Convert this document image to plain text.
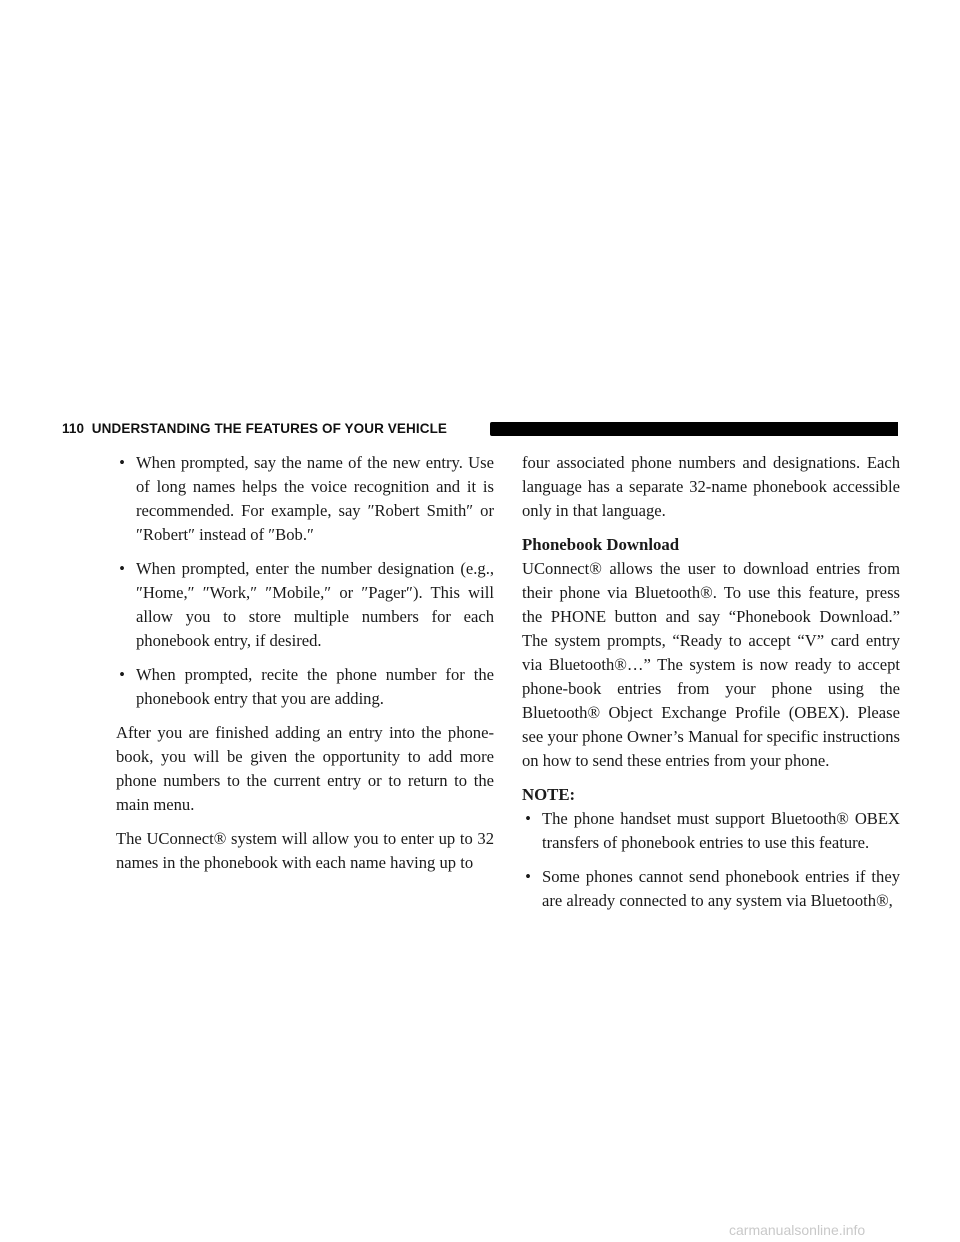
110 UNDERSTANDING THE FEATURES OF YOUR VEHICLE
• When prompted, say the name of the new entry. Use of long names helps the voice recognition and it is recommended. For example, say ″Robert Smith″ or ″Robert″ instead of ″Bob.″
• When prompted, enter the number designation (e.g., ″Home,″ ″Work,″ ″Mobile,″ or ″Pager″). This will allow you to store multiple numbers for each phonebook entry, if desired.
• When prompted, recite the phone number for the phonebook entry that you are adding.

After you are finished adding an entry into the phone-book, you will be given the opportunity to add more phone numbers to the current entry or to return to the main menu.

The UConnect® system will allow you to enter up to 32 names in the phonebook with each name having up to

four associated phone numbers and designations. Each language has a separate 32-name phonebook accessible only in that language.

Phonebook Download

UConnect® allows the user to download entries from their phone via Bluetooth®. To use this feature, press the PHONE button and say “Phonebook Download.” The system prompts, “Ready to accept “V” card entry via Bluetooth®…” The system is now ready to accept phone-book entries from your phone using the Bluetooth® Object Exchange Profile (OBEX). Please see your phone Owner’s Manual for specific instructions on how to send these entries from your phone.

NOTE:
• The phone handset must support Bluetooth® OBEX transfers of phonebook entries to use this feature.
• Some phones cannot send phonebook entries if they are already connected to any system via Bluetooth®,
carmanualsonline.info
